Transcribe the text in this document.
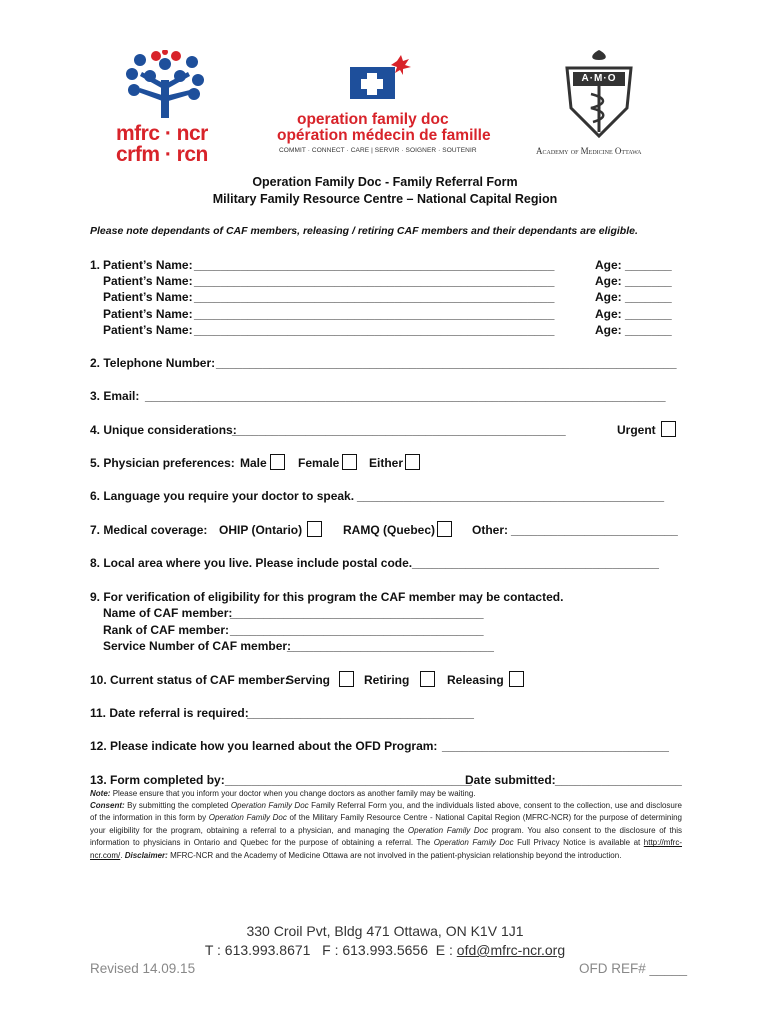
mfrc · ncr
crfm · rcn
operation family doc
opération médecin de famille
COMMIT · CONNECT · CARE | SERVIR · SOIGNER · SOUTENIR
A·M·O
Academy of Medicine Ottawa
Operation Family Doc - Family Referral Form
Military Family Resource Centre – National Capital Region
Please note dependants of CAF members, releasing / retiring CAF members and their dependants are eligible.
1. Patient’s Name: ______________________________________________________	Age: _______
Patient’s Name: ______________________________________________________	Age: _______
Patient’s Name: ______________________________________________________	Age: _______
Patient’s Name: ______________________________________________________	Age: _______
Patient’s Name: ______________________________________________________	Age: _______
2. Telephone Number: _____________________________________________________________________
3. Email: ______________________________________________________________________________
4. Unique considerations:
__________________________________________________	Urgent
5. Physician preferences: Male	Female Either
6. Language you require your doctor to speak. ______________________________________________
7. Medical coverage: OHIP (Ontario)	RAMQ (Quebec)	Other: _________________________
8. Local area where you live. Please include postal code. _____________________________________
9. For verification of eligibility for this program the CAF member may be contacted.
Name of CAF member:
______________________________________
Rank of CAF member: ______________________________________
Service Number of CAF member:
_______________________________
10. Current status of CAF member:
Serving	Retiring	Releasing
11. Date referral is required:
__________________________________
12. Please indicate how you learned about the OFD Program: __________________________________
13. Form completed by: _____________________________________
Date submitted: ___________________
Note: Please ensure that you inform your doctor when you change doctors as another family may be waiting.
Consent: By submitting the completed Operation Family Doc Family Referral Form you, and the individuals listed above, consent to the collection, use and disclosure of the information in this form by Operation Family Doc of the Military Family Resource Centre - National Capital Region (MFRC-NCR) for the purpose of determining your eligibility for the program, obtaining a referral to a physician, and managing the Operation Family Doc program. You also consent to the disclosure of this information to physicians in Ontario and Quebec for the purpose of obtaining a referral. The Operation Family Doc Full Privacy Notice is available at http://mfrc-ncr.com/. Disclaimer: MFRC-NCR and the Academy of Medicine Ottawa are not involved in the patient-physician relationship beyond the introduction.
330 Croil Pvt, Bldg 471 Ottawa, ON K1V 1J1
T : 613.993.8671   F : 613.993.5656  E : ofd@mfrc-ncr.org
Revised 14.09.15	OFD REF# _____
